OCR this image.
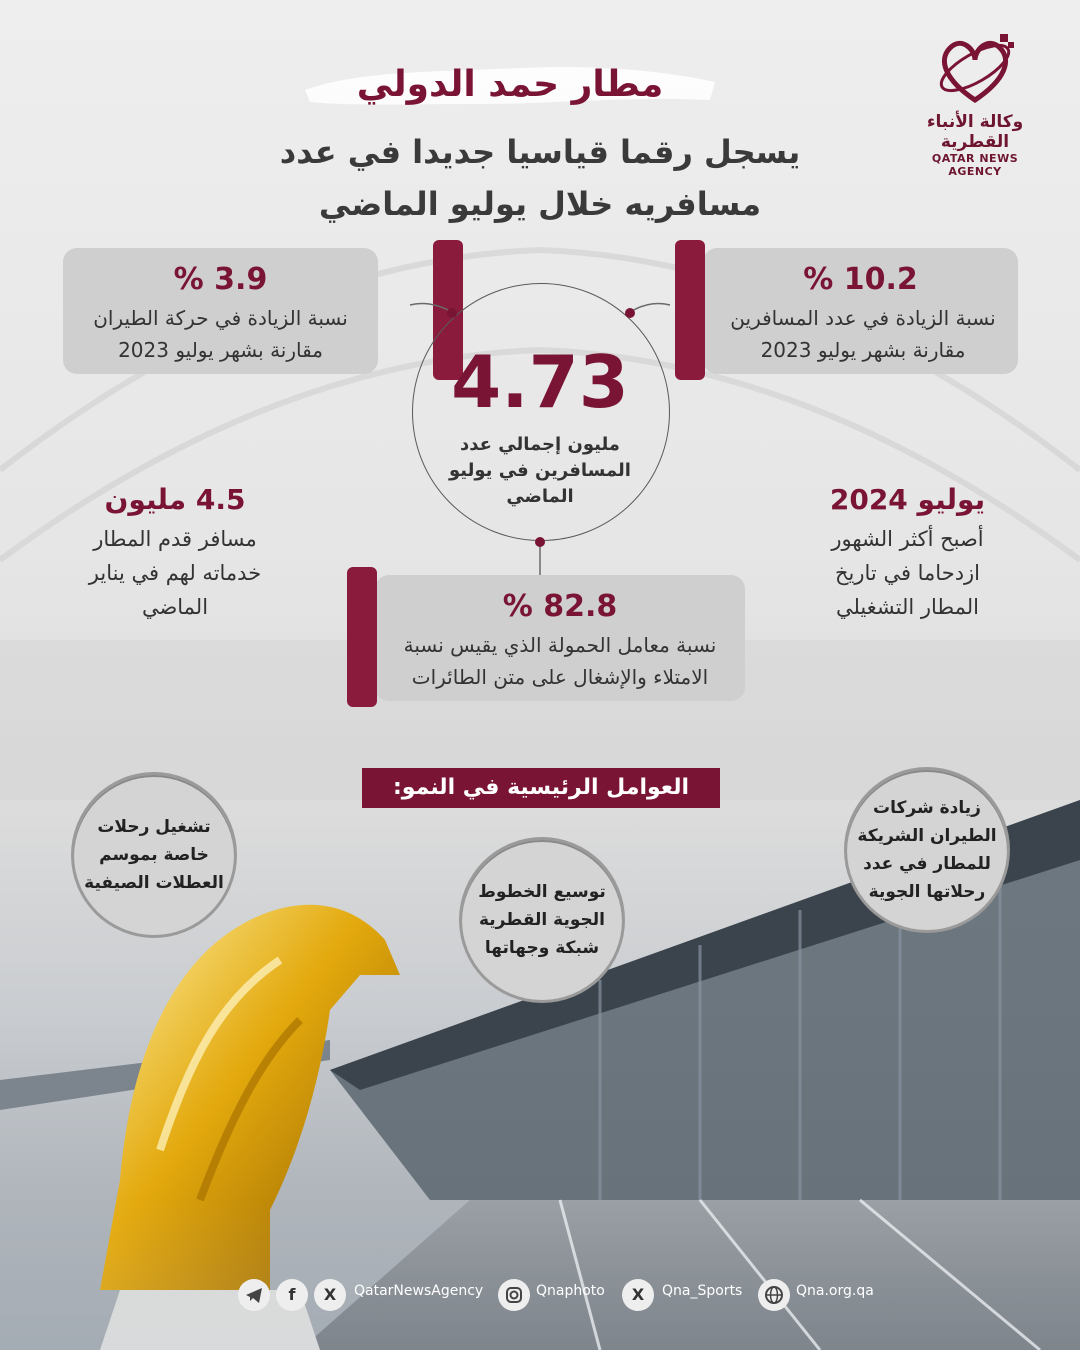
وكالة الأنباء القطرية
QATAR NEWS AGENCY
مطار حمد الدولي
يسجل رقما قياسيا جديدا في عدد مسافريه خلال يوليو الماضي
3.9 %
نسبة الزيادة في حركة الطيران مقارنة بشهر يوليو 2023
10.2 %
نسبة الزيادة في عدد المسافرين مقارنة بشهر يوليو 2023
4.73
مليون إجمالي عدد المسافرين في يوليو الماضي
4.5 مليون
مسافر قدم المطار خدماته لهم في يناير الماضي
يوليو 2024
أصبح أكثر الشهور ازدحاما في تاريخ المطار التشغيلي
82.8 %
نسبة معامل الحمولة الذي يقيس نسبة الامتلاء والإشغال على متن الطائرات
العوامل الرئيسية في النمو:
تشغيل رحلات خاصة بموسم العطلات الصيفية	توسيع الخطوط الجوية القطرية شبكة وجهاتها
زيادة شركات الطيران الشريكة للمطار في عدد رحلاتها الجوية
f	X	QatarNewsAgency	Qnaphoto	X	Qna_Sports	Qna.org.qa
